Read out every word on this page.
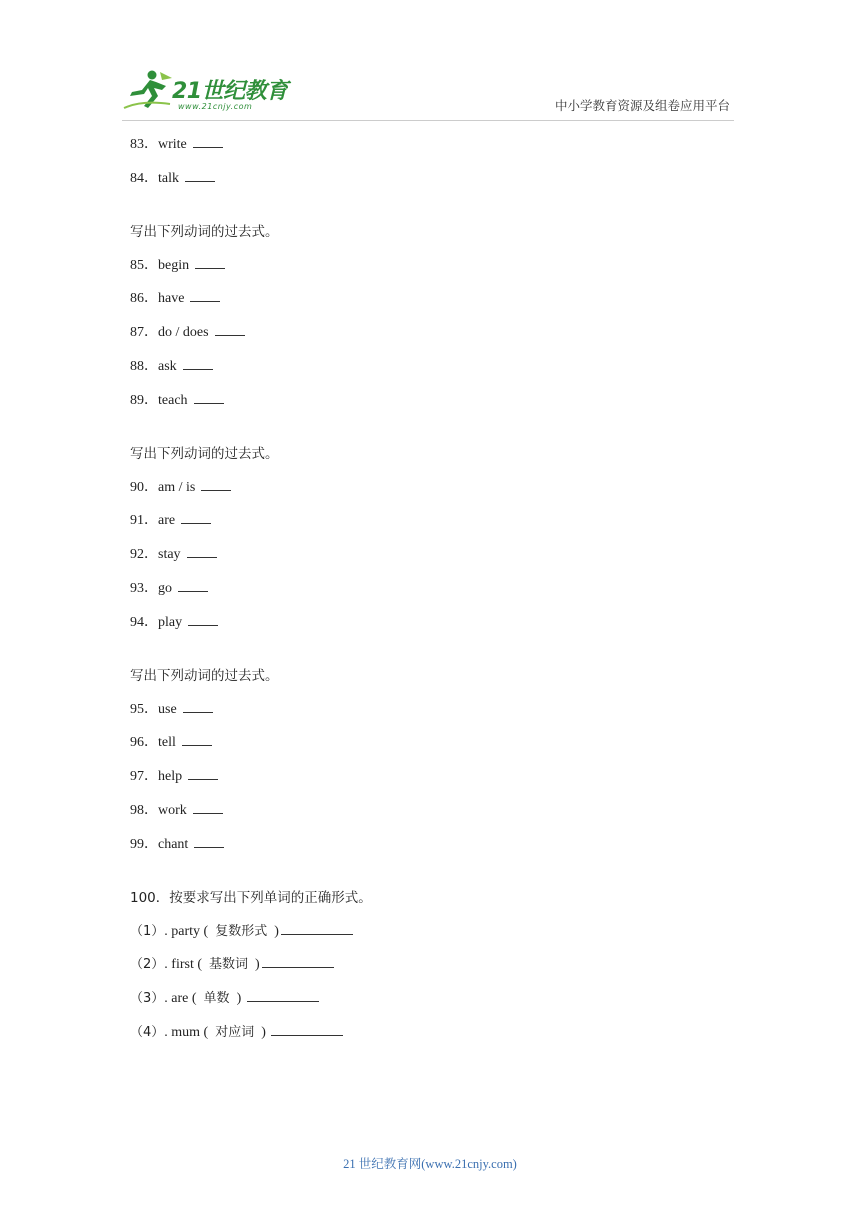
21世纪教育
www.21cnjy.com	中小学教育资源及组卷应用平台
83．write
84．talk
写出下列动词的过去式。
85．begin
86．have
87．do / does
88．ask
89．teach
写出下列动词的过去式。
90．am / is
91．are
92．stay
93．go
94．play
写出下列动词的过去式。
95．use
96．tell
97．help
98．work
99．chant
100．按要求写出下列单词的正确形式。
（1）. party ( 复数形式 )
（2）. first ( 基数词 )
（3）. are ( 单数 )
（4）. mum ( 对应词 )
21 世纪教育网(www.21cnjy.com)
